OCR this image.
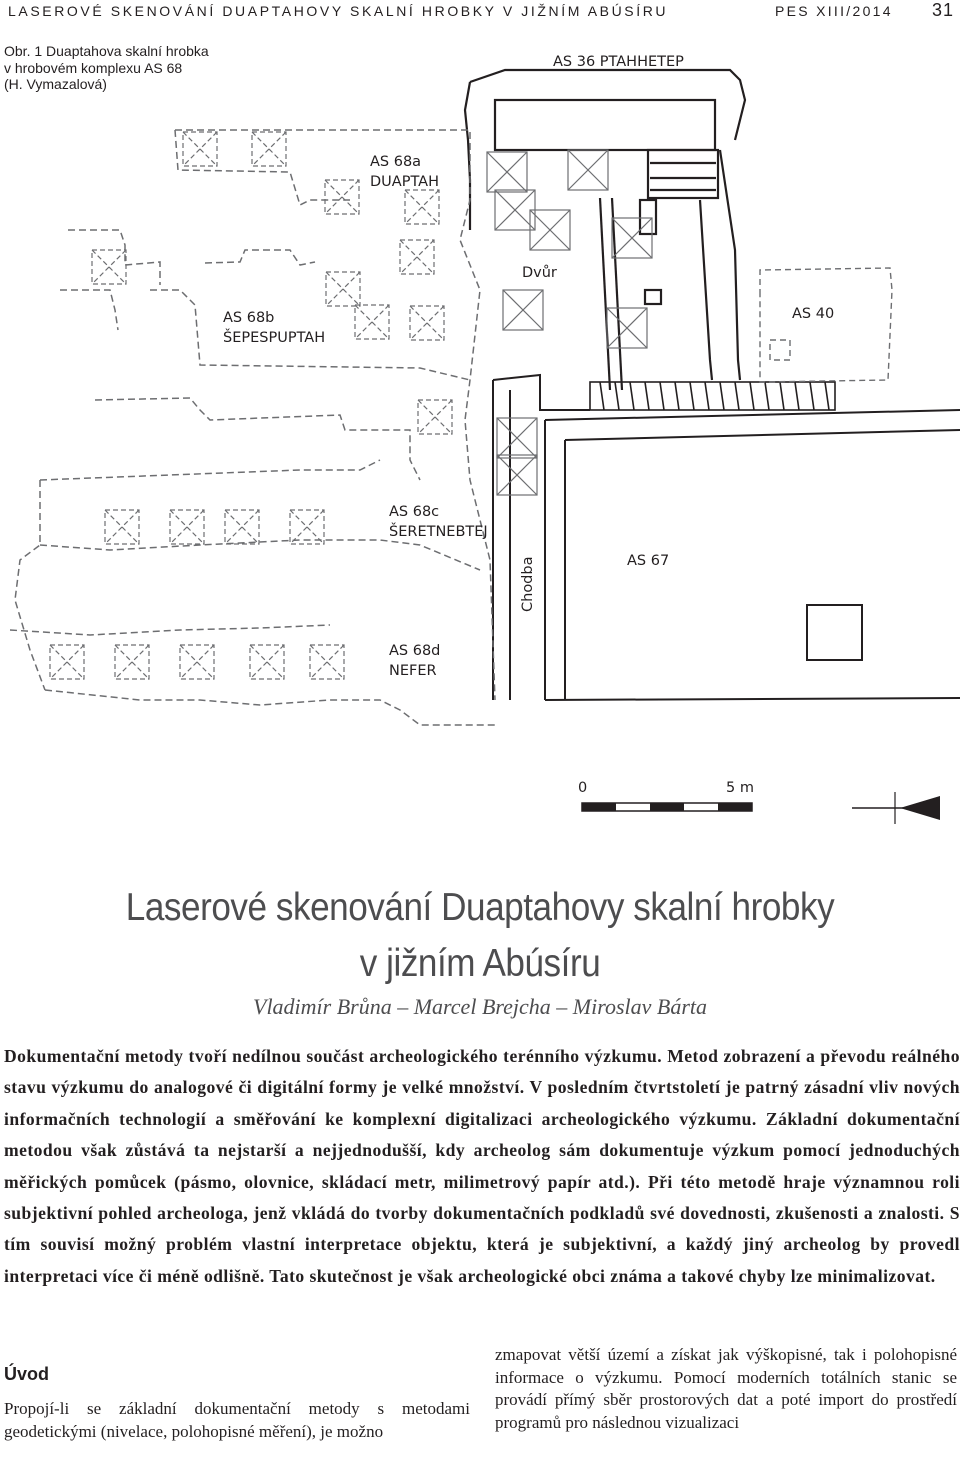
LASEROVÉ SKENOVÁNÍ DUAPTAHOVY SKALNÍ HROBKY V JIŽNÍM ABÚSÍRU	PES XIII/2014 31
Obr. 1 Duaptahova skalní hrobka
v hrobovém komplexu AS 68
(H. Vymazalová)
AS 36 PTAHHETEP
AS 68a
DUAPTAH
Dvůr
AS 40
AS 68b
ŠEPESPUPTAH
AS 68c
ŠERETNEBTEJ
AS 67
Chodba
AS 68d
NEFER
0	5 m
Laserové skenování Duaptahovy skalní hrobky
v jižním Abúsíru
Vladimír Brůna – Marcel Brejcha – Miroslav Bárta

Dokumentační metody tvoří nedílnou součást archeologického terénního výzkumu. Metod zobrazení a převodu reálného stavu výzkumu do analogové či digitální formy je velké množství. V posledním čtvrtstoletí je patrný zásadní vliv nových informačních technologií a směřování ke komplexní digitalizaci archeologického výzkumu. Základní dokumentační metodou však zůstává ta nejstarší a nejjednodušší, kdy archeolog sám dokumentuje výzkum pomocí jednoduchých měřických pomůcek (pásmo, olovnice, skládací metr, milimetrový papír atd.). Při této metodě hraje významnou roli subjektivní pohled archeologa, jenž vkládá do tvorby dokumentačních podkladů své dovednosti, zkušenosti a znalosti. S tím souvisí možný problém vlastní interpretace objektu, která je subjektivní, a každý jiný archeolog by provedl interpretaci více či méně odlišně. Tato skutečnost je však archeologické obci známa a takové chyby lze minimalizovat.

Úvod

Propojí-li se základní dokumentační metody s metodami geodetickými (nivelace, polohopisné měření), je možno

zmapovat větší území a získat jak výškopisné, tak i polohopisné informace o výzkumu. Pomocí moderních totálních stanic se provádí přímý sběr prostorových dat a poté import do prostředí programů pro následnou vizualizaci
